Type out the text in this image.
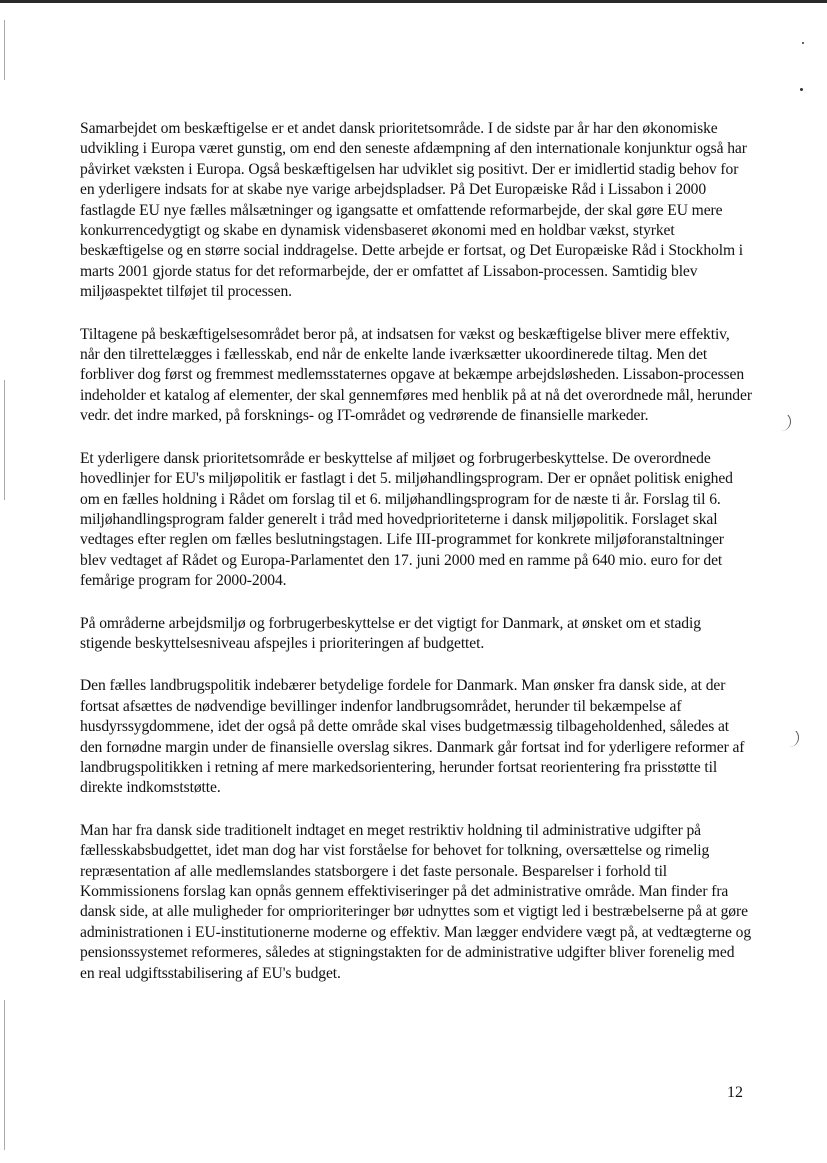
Samarbejdet om beskæftigelse er et andet dansk prioritetsområde. I de sidste par år har den økonomiske udvikling i Europa været gunstig, om end den seneste afdæmpning af den internationale konjunktur også har påvirket væksten i Europa. Også beskæftigelsen har udviklet sig positivt. Der er imidlertid stadig behov for en yderligere indsats for at skabe nye varige arbejdspladser. På Det Europæiske Råd i Lissabon i 2000 fastlagde EU nye fælles målsætninger og igangsatte et omfattende reformarbejde, der skal gøre EU mere konkurrencedygtigt og skabe en dynamisk vidensbaseret økonomi med en holdbar vækst, styrket beskæftigelse og en større social inddragelse. Dette arbejde er fortsat, og Det Europæiske Råd i Stockholm i marts 2001 gjorde status for det reformarbejde, der er omfattet af Lissabon-processen. Samtidig blev miljøaspektet tilføjet til processen.

Tiltagene på beskæftigelsesområdet beror på, at indsatsen for vækst og beskæftigelse bliver mere effektiv, når den tilrettelægges i fællesskab, end når de enkelte lande iværksætter ukoordinerede tiltag. Men det forbliver dog først og fremmest medlemsstaternes opgave at bekæmpe arbejdsløsheden. Lissabon-processen indeholder et katalog af elementer, der skal gennemføres med henblik på at nå det overordnede mål, herunder vedr. det indre marked, på forsknings- og IT-området og vedrørende de finansielle markeder.

Et yderligere dansk prioritetsområde er beskyttelse af miljøet og forbrugerbeskyttelse. De overordnede hovedlinjer for EU's miljøpolitik er fastlagt i det 5. miljøhandlingsprogram. Der er opnået politisk enighed om en fælles holdning i Rådet om forslag til et 6. miljøhandlingsprogram for de næste ti år. Forslag til 6. miljøhandlingsprogram falder generelt i tråd med hovedprioriteterne i dansk miljøpolitik. Forslaget skal vedtages efter reglen om fælles beslutningstagen. Life III-programmet for konkrete miljøforanstaltninger blev vedtaget af Rådet og Europa-Parlamentet den 17. juni 2000 med en ramme på 640 mio. euro for det femårige program for 2000-2004.

På områderne arbejdsmiljø og forbrugerbeskyttelse er det vigtigt for Danmark, at ønsket om et stadig stigende beskyttelsesniveau afspejles i prioriteringen af budgettet.

Den fælles landbrugspolitik indebærer betydelige fordele for Danmark. Man ønsker fra dansk side, at der fortsat afsættes de nødvendige bevillinger indenfor landbrugsområdet, herunder til bekæmpelse af husdyrssygdommene, idet der også på dette område skal vises budgetmæssig tilbageholdenhed, således at den fornødne margin under de finansielle overslag sikres. Danmark går fortsat ind for yderligere reformer af landbrugspolitikken i retning af mere markedsorientering, herunder fortsat reorientering fra prisstøtte til direkte indkomststøtte.

Man har fra dansk side traditionelt indtaget en meget restriktiv holdning til administrative udgifter på fællesskabsbudgettet, idet man dog har vist forståelse for behovet for tolkning, oversættelse og rimelig repræsentation af alle medlemslandes statsborgere i det faste personale. Besparelser i forhold til Kommissionens forslag kan opnås gennem effektiviseringer på det administrative område. Man finder fra dansk side, at alle muligheder for omprioriteringer bør udnyttes som et vigtigt led i bestræbelserne på at gøre administrationen i EU-institutionerne moderne og effektiv. Man lægger endvidere vægt på, at vedtægterne og pensionssystemet reformeres, således at stigningstakten for de administrative udgifter bliver forenelig med en real udgiftsstabilisering af EU's budget.

12
